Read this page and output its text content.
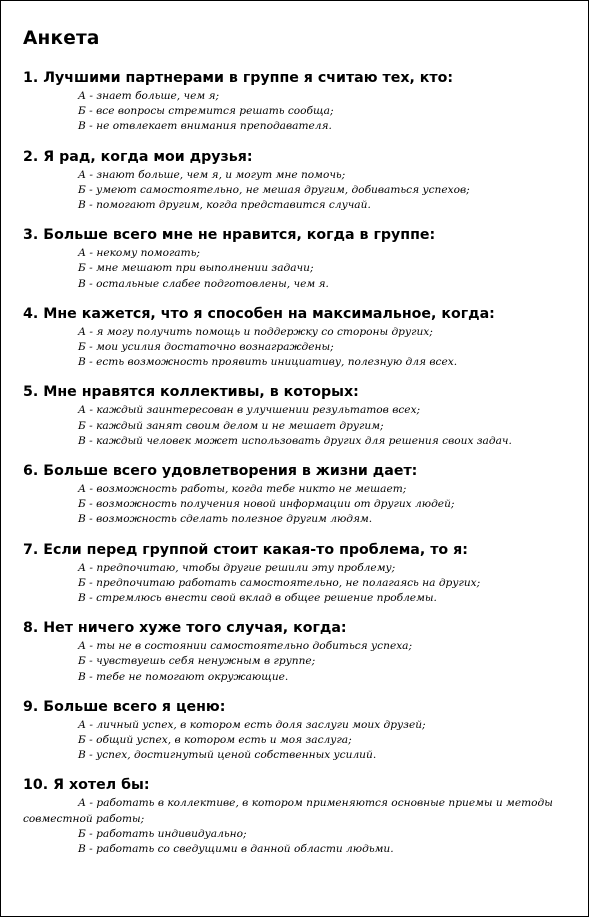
Анкета
1. Лучшими партнерами в группе я считаю тех, кто:
А - знает больше, чем я;
Б - все вопросы стремится решать сообща;
В - не отвлекает внимания преподавателя.
2. Я рад, когда мои друзья:
А - знают больше, чем я, и могут мне помочь;
Б - умеют самостоятельно, не мешая другим, добиваться успехов;
В - помогают другим, когда представится случай.
3. Больше всего мне не нравится, когда в группе:
А - некому помогать;
Б - мне мешают при выполнении задачи;
В - остальные слабее подготовлены, чем я.
4. Мне кажется, что я способен на максимальное, когда:
А - я могу получить помощь и поддержку со стороны других;
Б - мои усилия достаточно вознаграждены;
В - есть возможность проявить инициативу, полезную для всех.
5. Мне нравятся коллективы, в которых:
А - каждый заинтересован в улучшении результатов всех;
Б - каждый занят своим делом и не мешает другим;
В - каждый человек может использовать других для решения своих задач.
6. Больше всего удовлетворения в жизни дает:
А - возможность работы, когда тебе никто не мешает;
Б - возможность получения новой информации от других людей;
В - возможность сделать полезное другим людям.
7. Если перед группой стоит какая-то проблема, то я:
А - предпочитаю, чтобы другие решили эту проблему;
Б - предпочитаю работать самостоятельно, не полагаясь на других;
В - стремлюсь внести свой вклад в общее решение проблемы.
8. Нет ничего хуже того случая, когда:
А - ты не в состоянии самостоятельно добиться успеха;
Б - чувствуешь себя ненужным в группе;
В - тебе не помогают окружающие.
9. Больше всего я ценю:
А - личный успех, в котором есть доля заслуги моих друзей;
Б - общий успех, в котором есть и моя заслуга;
В - успех, достигнутый ценой собственных усилий.
10. Я хотел бы:
А - работать в коллективе, в котором применяются основные приемы и методы совместной работы;
Б - работать индивидуально;
В - работать со сведущими в данной области людьми.
